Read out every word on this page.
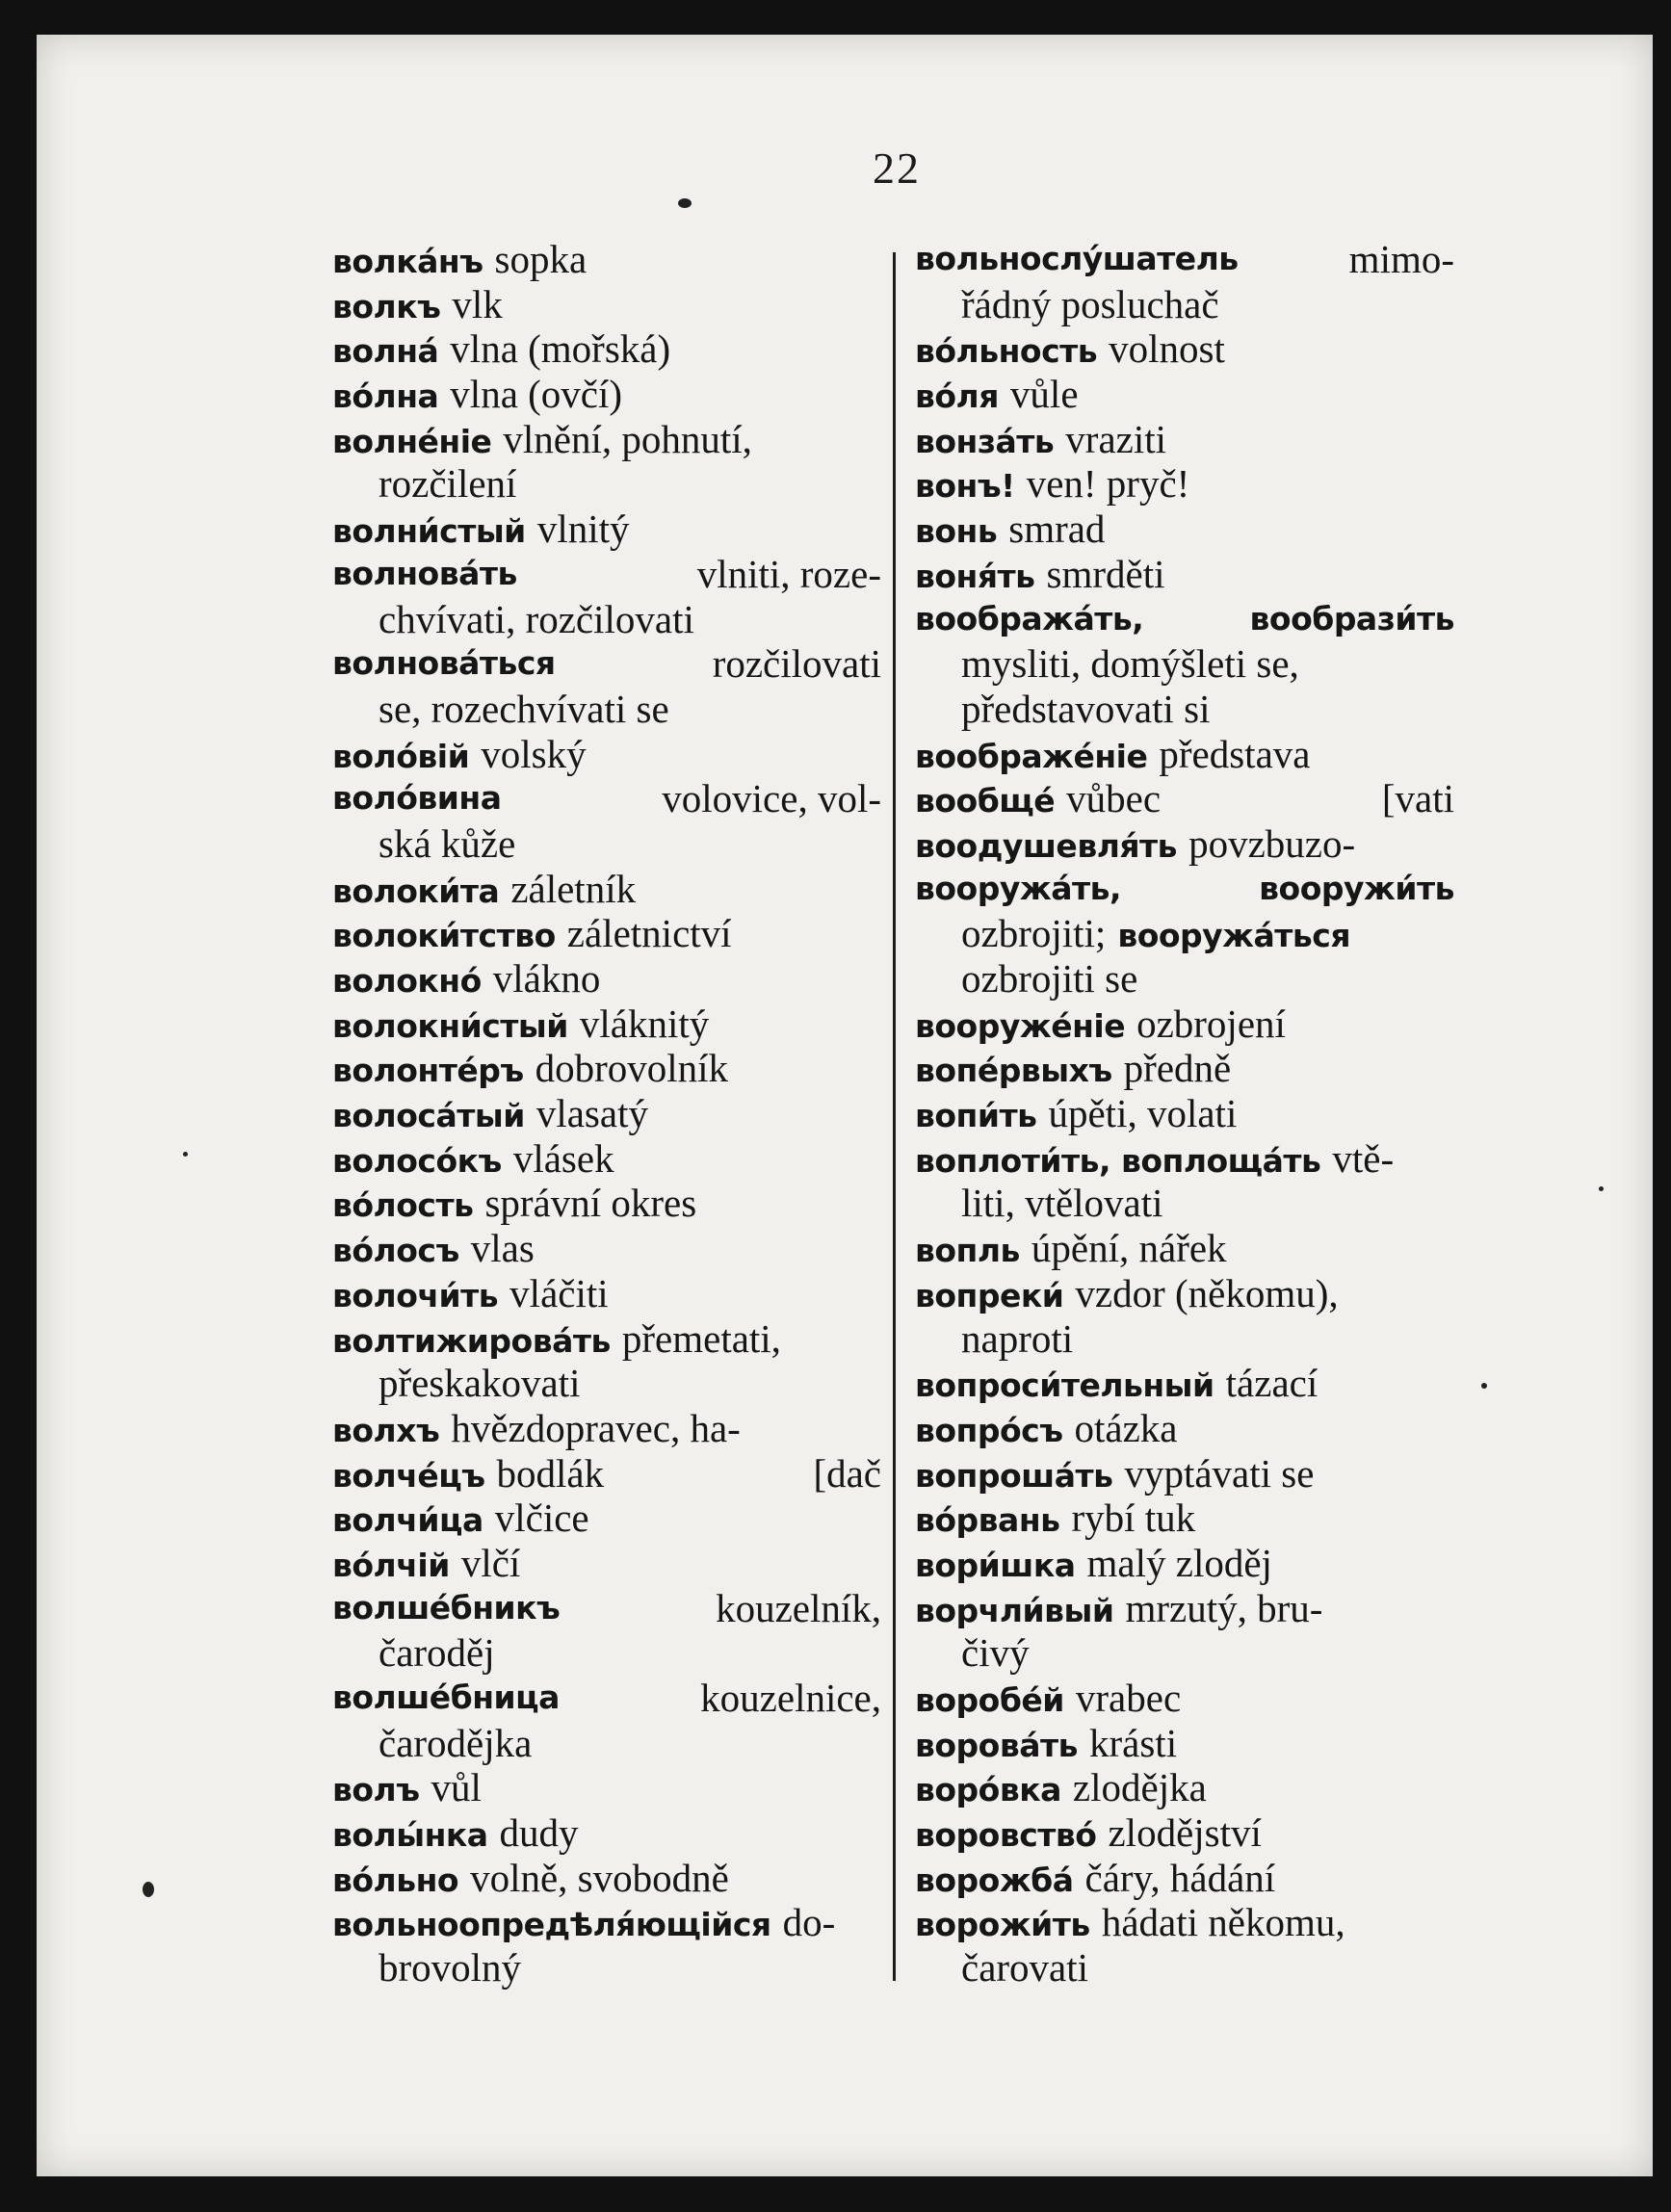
22
волка́нъ sopka
волкъ vlk
волна́ vlna (mořská)
во́лна vlna (ovčí)
волне́ніе vlnění, pohnutí,
rozčilení
волни́стый vlnitý
волнова́ть	vlniti, roze-
chvívati, rozčilovati
волнова́ться	rozčilovati
se, rozechvívati se
воло́вій volský
воло́вина	volovice, vol-
ská kůže
волоки́та záletník
волоки́тство záletnictví
волокно́ vlákno
волокни́стый vláknitý
волонте́ръ dobrovolník
волоса́тый vlasatý
волосо́къ vlásek
во́лость správní okres
во́лосъ vlas
волочи́ть vláčiti
волтижирова́ть přemetati,
přeskakovati
волхъ hvězdopravec, ha-
волче́цъ bodlák	[dač
волчи́ца vlčice
во́лчій vlčí
волше́бникъ	kouzelník,
čaroděj
волше́бница	kouzelnice,
čarodějka
волъ vůl
волы́нка dudy
во́льно volně, svobodně
вольноопредѣля́ющійся do-
brovolný
вольнослу́шатель	mimo-
řádný posluchač
во́льность volnost
во́ля vůle
вонза́ть vraziti
вонъ! ven! pryč!
вонь smrad
воня́ть smrděti
вообража́ть,	вообрази́ть
mysliti, domýšleti se,
představovati si
воображе́ніе představa
вообще́ vůbec	[vati
воодушевля́ть povzbuzo-
вооружа́ть,	вооружи́ть
ozbrojiti; вооружа́ться
ozbrojiti se
вооруже́ніе ozbrojení
вопе́рвыхъ předně
вопи́ть úpěti, volati
воплоти́ть, воплоща́ть vtě-
liti, vtělovati
вопль úpění, nářek
вопреки́ vzdor (někomu),
naproti
вопроси́тельный tázací
вопро́съ otázka
вопроша́ть vyptávati se
во́рвань rybí tuk
вори́шка malý zloděj
ворчли́вый mrzutý, bru-
čivý
воробе́й vrabec
ворова́ть krásti
воро́вка zlodějka
воровство́ zlodějství
ворожба́ čáry, hádání
ворожи́ть hádati někomu,
čarovati
